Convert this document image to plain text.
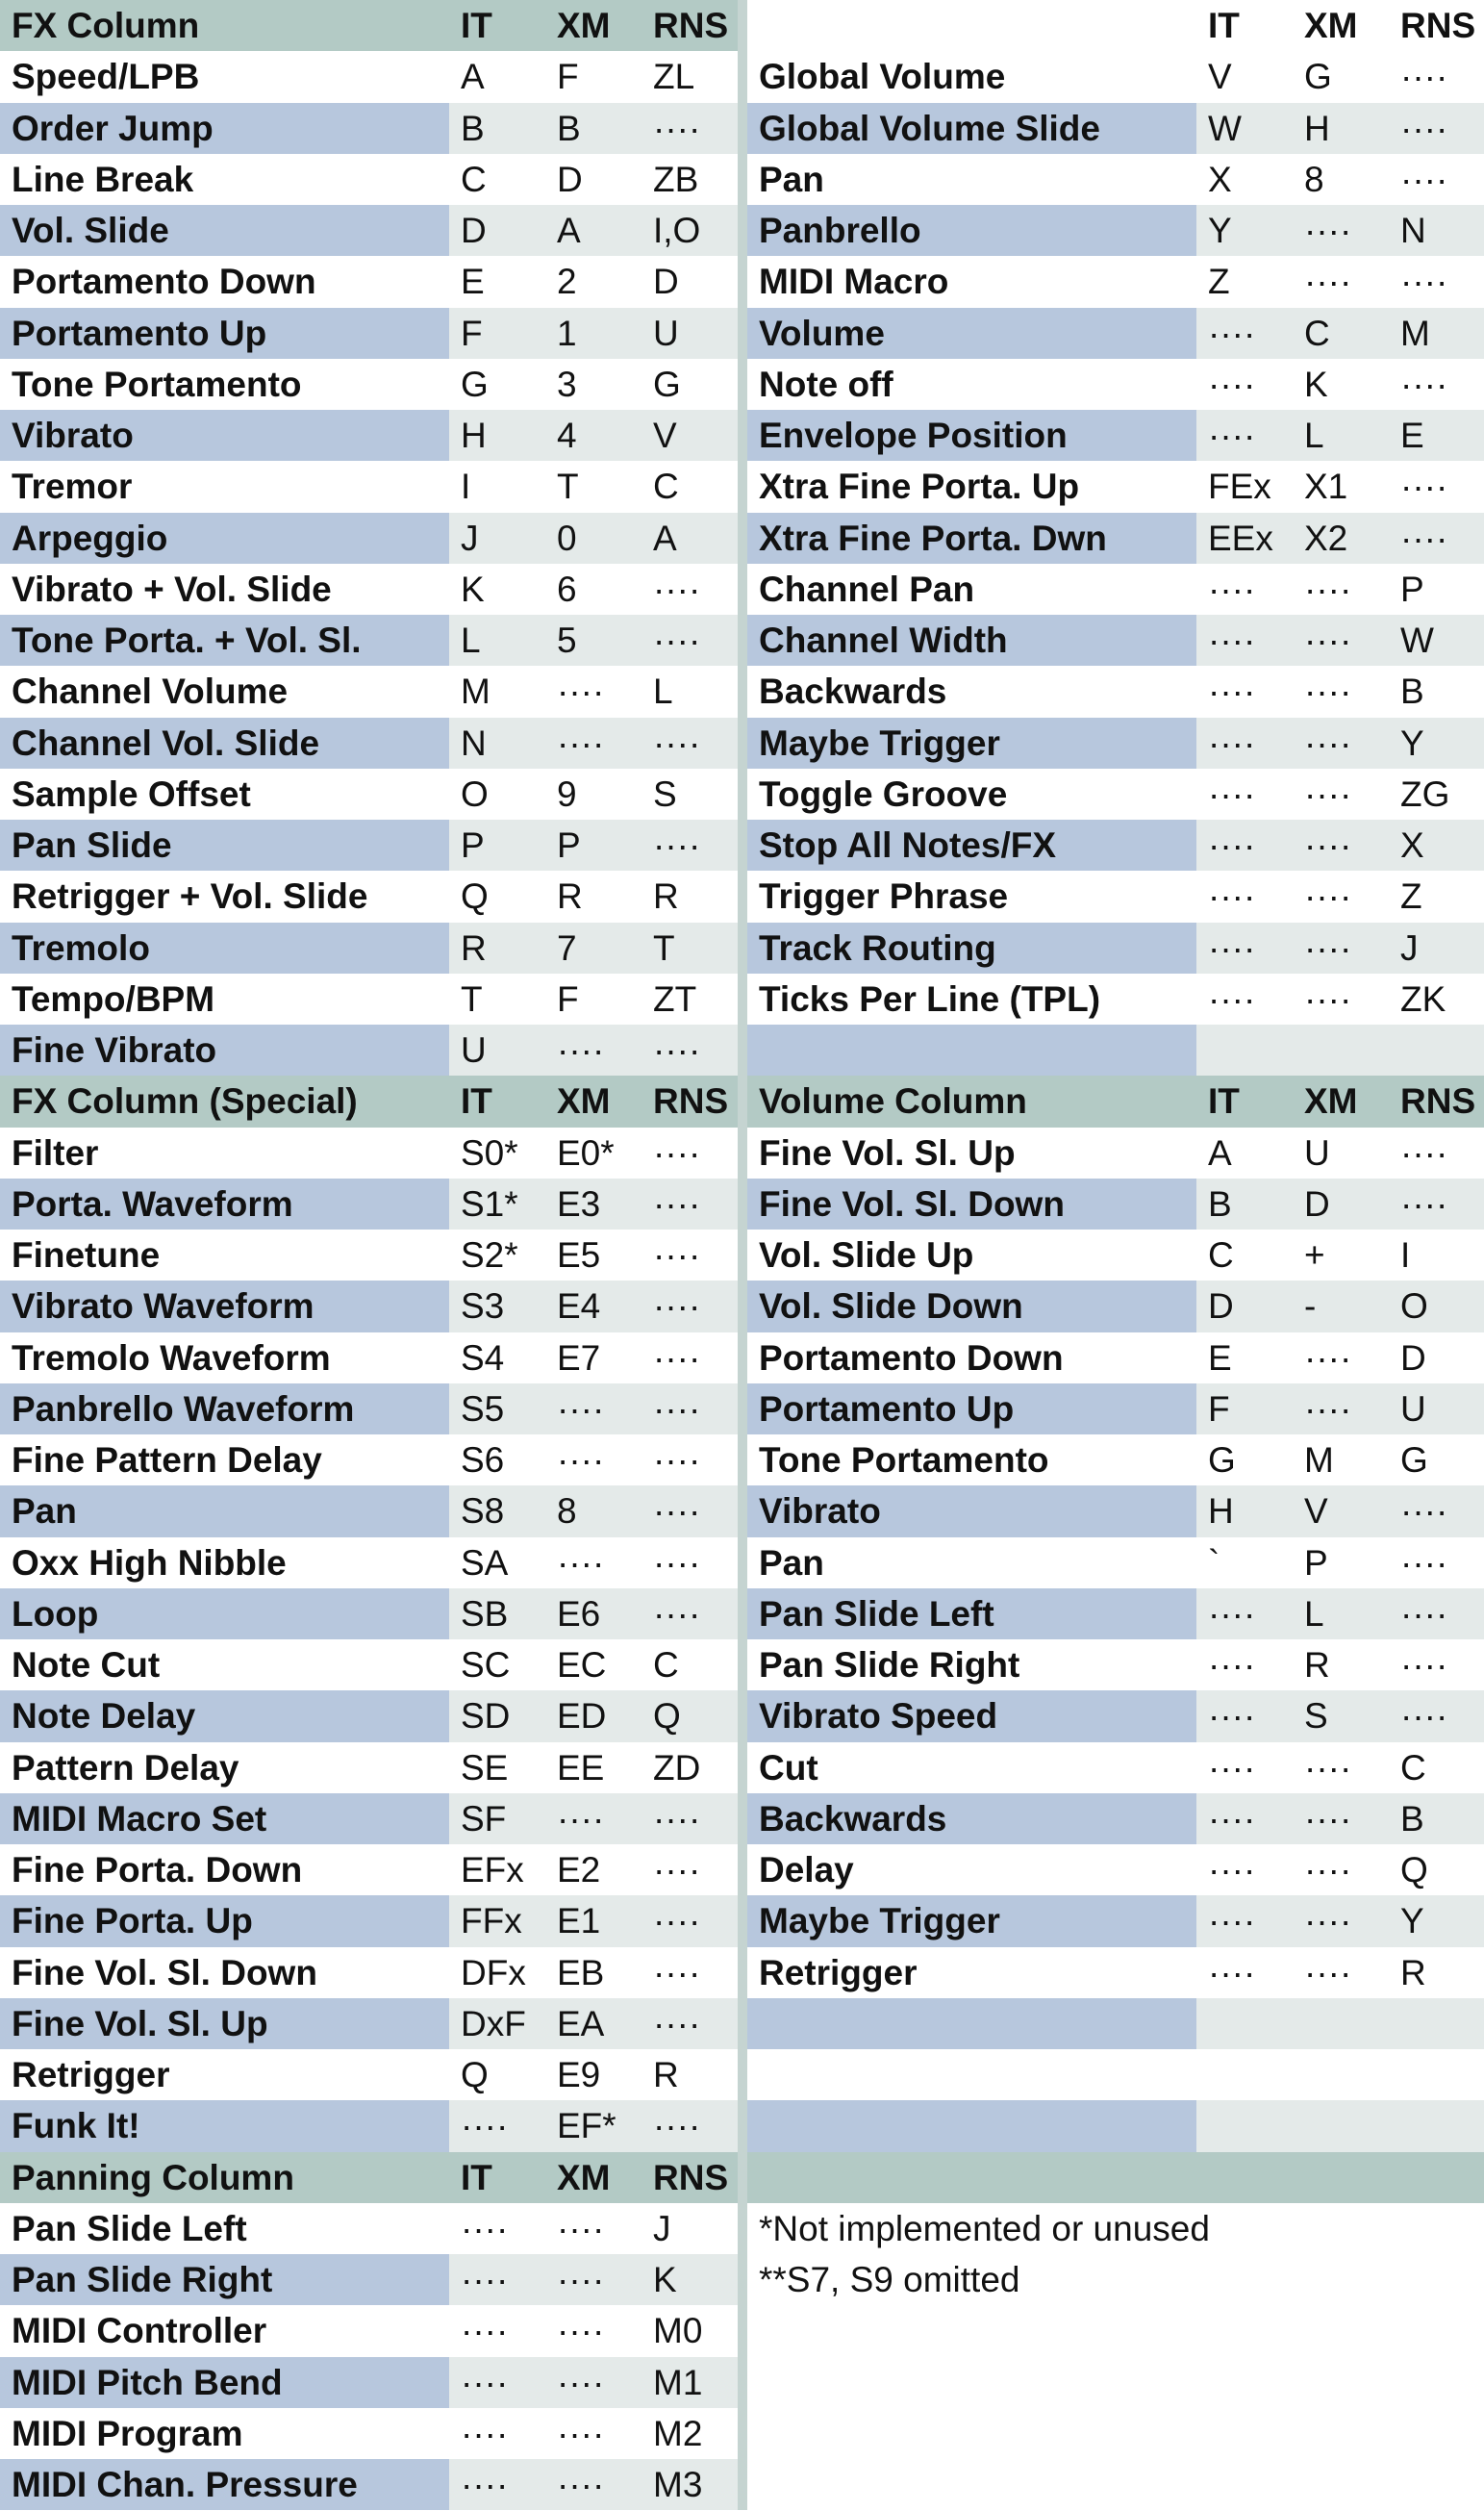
FX Column	IT	XM	RNS			IT	XM	RNS
Speed/LPB	A	F	ZL		Global Volume	V	G	····
Order Jump	B	B	····		Global Volume Slide	W	H	····
Line Break	C	D	ZB		Pan	X	8	····
Vol. Slide	D	A	I,O		Panbrello	Y	····	N
Portamento Down	E	2	D		MIDI Macro	Z	····	····
Portamento Up	F	1	U		Volume	····	C	M
Tone Portamento	G	3	G		Note off	····	K	····
Vibrato	H	4	V		Envelope Position	····	L	E
Tremor	I	T	C		Xtra Fine Porta. Up	FEx	X1	····
Arpeggio	J	0	A		Xtra Fine Porta. Dwn	EEx	X2	····
Vibrato + Vol. Slide	K	6	····		Channel Pan	····	····	P
Tone Porta. + Vol. Sl.	L	5	····		Channel Width	····	····	W
Channel Volume	M	····	L		Backwards	····	····	B
Channel Vol. Slide	N	····	····		Maybe Trigger	····	····	Y
Sample Offset	O	9	S		Toggle Groove	····	····	ZG
Pan Slide	P	P	····		Stop All Notes/FX	····	····	X
Retrigger + Vol. Slide	Q	R	R		Trigger Phrase	····	····	Z
Tremolo	R	7	T		Track Routing	····	····	J
Tempo/BPM	T	F	ZT		Ticks Per Line (TPL)	····	····	ZK
Fine Vibrato	U	····	····					
FX Column (Special)	IT	XM	RNS		Volume Column	IT	XM	RNS
Filter	S0*	E0*	····		Fine Vol. Sl. Up	A	U	····
Porta. Waveform	S1*	E3	····		Fine Vol. Sl. Down	B	D	····
Finetune	S2*	E5	····		Vol. Slide Up	C	+	I
Vibrato Waveform	S3	E4	····		Vol. Slide Down	D	-	O
Tremolo Waveform	S4	E7	····		Portamento Down	E	····	D
Panbrello Waveform	S5	····	····		Portamento Up	F	····	U
Fine Pattern Delay	S6	····	····		Tone Portamento	G	M	G
Pan	S8	8	····		Vibrato	H	V	····
Oxx High Nibble	SA	····	····		Pan	`	P	····
Loop	SB	E6	····		Pan Slide Left	····	L	····
Note Cut	SC	EC	C		Pan Slide Right	····	R	····
Note Delay	SD	ED	Q		Vibrato Speed	····	S	····
Pattern Delay	SE	EE	ZD		Cut	····	····	C
MIDI Macro Set	SF	····	····		Backwards	····	····	B
Fine Porta. Down	EFx	E2	····		Delay	····	····	Q
Fine Porta. Up	FFx	E1	····		Maybe Trigger	····	····	Y
Fine Vol. Sl. Down	DFx	EB	····		Retrigger	····	····	R
Fine Vol. Sl. Up	DxF	EA	····					
Retrigger	Q	E9	R					
Funk It!	····	EF*	····					
Panning Column	IT	XM	RNS					
Pan Slide Left	····	····	J		*Not implemented or unused			
Pan Slide Right	····	····	K		**S7, S9 omitted			
MIDI Controller	····	····	M0					
MIDI Pitch Bend	····	····	M1					
MIDI Program	····	····	M2					
MIDI Chan. Pressure	····	····	M3					
